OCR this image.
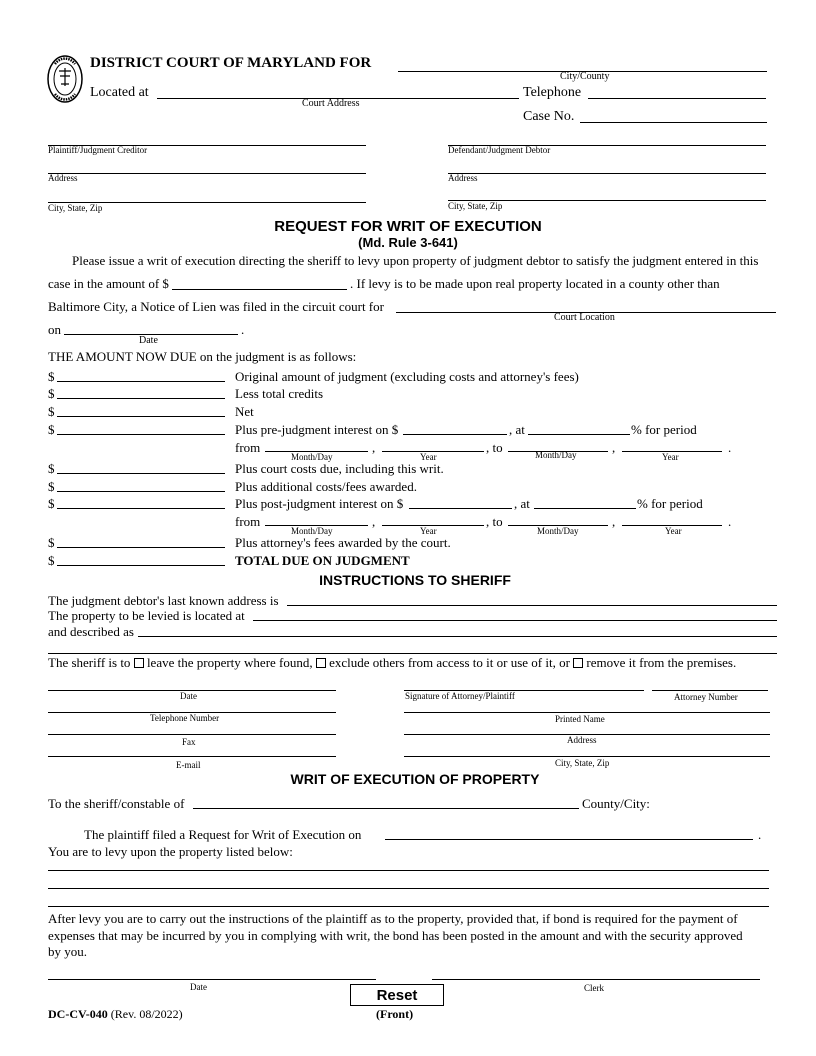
DISTRICT COURT OF MARYLAND FOR
City/County
Located at
Court Address
Telephone
Case No.
Plaintiff/Judgment Creditor	Defendant/Judgment Debtor
Address	Address
City, State, Zip	City, State, Zip
REQUEST FOR WRIT OF EXECUTION
(Md. Rule 3-641)
Please issue a writ of execution directing the sheriff to levy upon property of judgment debtor to satisfy the judgment entered in this
case in the amount of $	. If levy is to be made upon real property located in a county other than
Baltimore City, a Notice of Lien was filed in the circuit court for
Court Location
on	.
Date
THE AMOUNT NOW DUE on the judgment is as follows:
$	Original amount of judgment (excluding costs and attorney's fees)
$	Less total credits
$	Net
$	Plus pre-judgment interest on $	, at	% for period
from	,	, to	,	.
Month/Day	Year	Month/Day	Year
$	Plus court costs due, including this writ.
$	Plus additional costs/fees awarded.
$	Plus post-judgment interest on $	, at	% for period
from	,	, to	,	.
Month/Day	Year	Month/Day	Year
$	Plus attorney's fees awarded by the court.
$	TOTAL DUE ON JUDGMENT
INSTRUCTIONS TO SHERIFF
The judgment debtor's last known address is
The property to be levied is located at
and described as
The sheriff is to leave the property where found, exclude others from access to it or use of it, or remove it from the premises.
Date	Signature of Attorney/Plaintiff	Attorney Number
Telephone Number	Printed Name
Fax	Address
E-mail	City, State, Zip
WRIT OF EXECUTION OF PROPERTY
To the sheriff/constable of	County/City:
The plaintiff filed a Request for Writ of Execution on	.
You are to levy upon the property listed below:
After levy you are to carry out the instructions of the plaintiff as to the property, provided that, if bond is required for the payment of
expenses that may be incurred by you in complying with writ, the bond has been posted in the amount and with the security approved
by you.
Date	Clerk
Reset
DC-CV-040 (Rev. 08/2022)	(Front)
